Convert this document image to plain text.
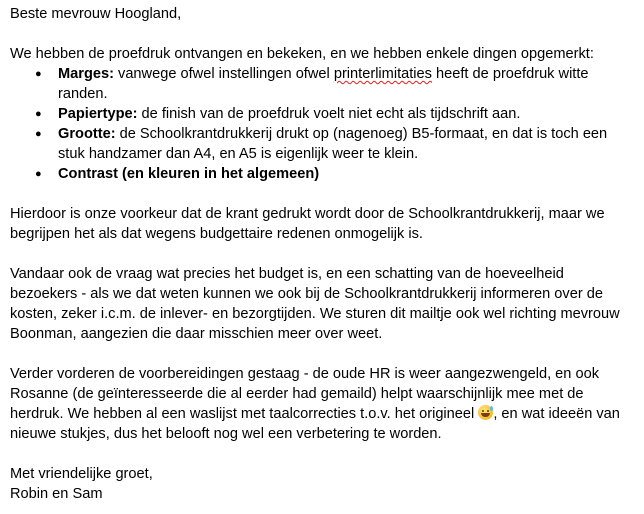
Beste mevrouw Hoogland,

We hebben de proefdruk ontvangen en bekeken, en we hebben enkele dingen opgemerkt:

● Marges: vanwege ofwel instellingen ofwel printerlimitaties heeft de proefdruk witte randen.
● Papiertype: de finish van de proefdruk voelt niet echt als tijdschrift aan.
● Grootte: de Schoolkrantdrukkerij drukt op (nagenoeg) B5-formaat, en dat is toch een stuk handzamer dan A4, en A5 is eigenlijk weer te klein.
● Contrast (en kleuren in het algemeen)

Hierdoor is onze voorkeur dat de krant gedrukt wordt door de Schoolkrantdrukkerij, maar we begrijpen het als dat wegens budgettaire redenen onmogelijk is.

Vandaar ook de vraag wat precies het budget is, en een schatting van de hoeveelheid bezoekers - als we dat weten kunnen we ook bij de Schoolkrantdrukkerij informeren over de kosten, zeker i.c.m. de inlever- en bezorgtijden. We sturen dit mailtje ook wel richting mevrouw Boonman, aangezien die daar misschien meer over weet.

Verder vorderen de voorbereidingen gestaag - de oude HR is weer aangezwengeld, en ook Rosanne (de geïnteresseerde die al eerder had gemaild) helpt waarschijnlijk mee met de herdruk. We hebben al een waslijst met taalcorrecties t.o.v. het origineel
, en wat ideeën van nieuwe stukjes, dus het belooft nog wel een verbetering te worden.

Met vriendelijke groet,

Robin en Sam
